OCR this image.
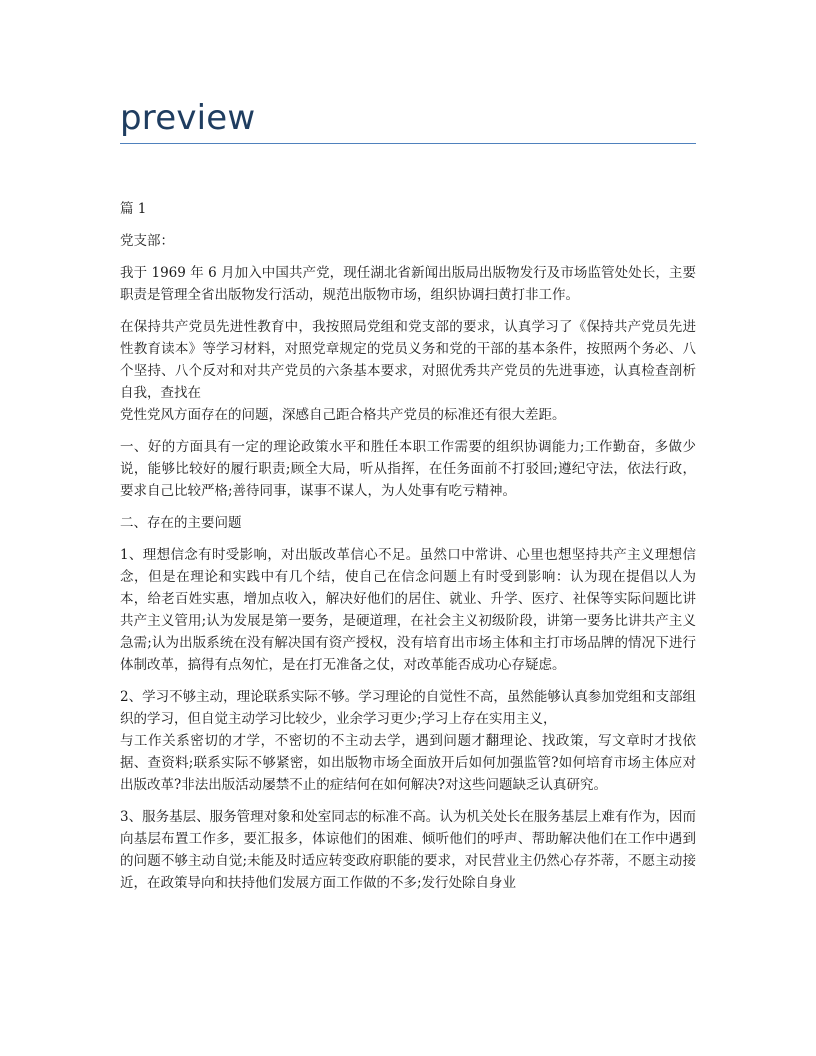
preview

篇 1

党支部：

我于 1969 年 6 月加入中国共产党，现任湖北省新闻出版局出版物发行及市场监管处处长，主要职责是管理全省出版物发行活动，规范出版物市场，组织协调扫黄打非工作。

在保持共产党员先进性教育中，我按照局党组和党支部的要求，认真学习了《保持共产党员先进性教育读本》等学习材料，对照党章规定的党员义务和党的干部的基本条件，按照两个务必、八个坚持、八个反对和对共产党员的六条基本要求，对照优秀共产党员的先进事迹，认真检查剖析自我，查找在
党性党风方面存在的问题，深感自己距合格共产党员的标准还有很大差距。

一、好的方面具有一定的理论政策水平和胜任本职工作需要的组织协调能力;工作勤奋，多做少说，能够比较好的履行职责;顾全大局，听从指挥，在任务面前不打驳回;遵纪守法，依法行政，要求自己比较严格;善待同事，谋事不谋人，为人处事有吃亏精神。

二、存在的主要问题

1、理想信念有时受影响，对出版改革信心不足。虽然口中常讲、心里也想坚持共产主义理想信念，但是在理论和实践中有几个结，使自己在信念问题上有时受到影响：认为现在提倡以人为本，给老百姓实惠，增加点收入，解决好他们的居住、就业、升学、医疗、社保等实际问题比讲共产主义管用;认为发展是第一要务，是硬道理，在社会主义初级阶段，讲第一要务比讲共产主义急需;认为出版系统在没有解决国有资产授权，没有培育出市场主体和主打市场品牌的情况下进行体制改革，搞得有点匆忙，是在打无准备之仗，对改革能否成功心存疑虑。

2、学习不够主动，理论联系实际不够。学习理论的自觉性不高，虽然能够认真参加党组和支部组织的学习，但自觉主动学习比较少，业余学习更少;学习上存在实用主义，
与工作关系密切的才学，不密切的不主动去学，遇到问题才翻理论、找政策，写文章时才找依据、查资料;联系实际不够紧密，如出版物市场全面放开后如何加强监管?如何培育市场主体应对出版改革?非法出版活动屡禁不止的症结何在如何解决?对这些问题缺乏认真研究。

3、服务基层、服务管理对象和处室同志的标准不高。认为机关处长在服务基层上难有作为，因而向基层布置工作多，要汇报多，体谅他们的困难、倾听他们的呼声、帮助解决他们在工作中遇到的问题不够主动自觉;未能及时适应转变政府职能的要求，对民营业主仍然心存芥蒂，不愿主动接近，在政策导向和扶持他们发展方面工作做的不多;发行处除自身业
